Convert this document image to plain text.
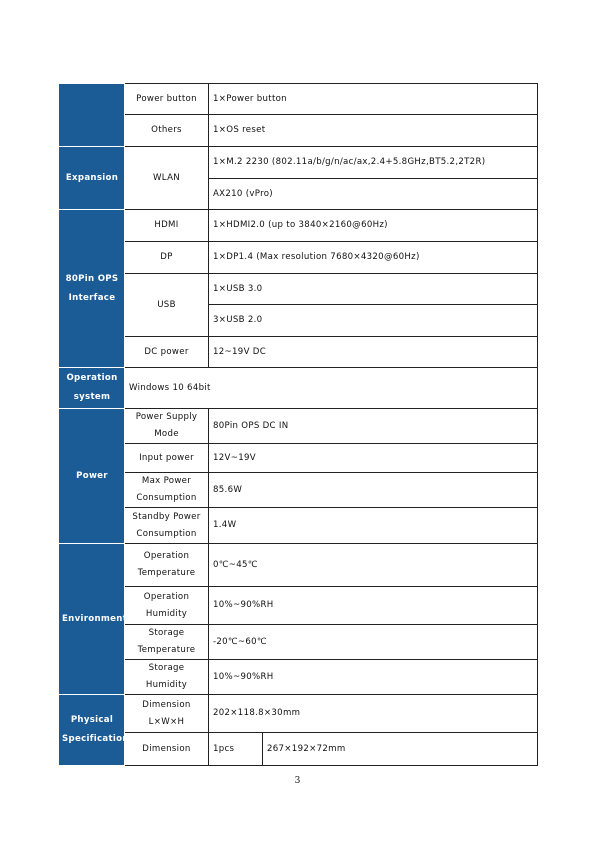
	Power button	1×Power button	
	Others	1×OS reset	
Expansion	WLAN	1×M.2 2230 (802.11a/b/g/n/ac/ax,2.4+5.8GHz,BT5.2,2T2R)	
		AX210 (vPro)	
80Pin OPS Interface	HDMI	1×HDMI2.0 (up to 3840×2160@60Hz)	
	DP	1×DP1.4 (Max resolution 7680×4320@60Hz)	
	USB	1×USB 3.0	
		3×USB 2.0	
	DC power	12~19V DC	
Operation system	Windows 10 64bit		
Power	Power Supply Mode	80Pin OPS DC IN	
	Input power	12V~19V	
	Max Power Consumption	85.6W	
	Standby Power Consumption	1.4W	
Environmental	Operation Temperature	0℃~45℃	
	Operation Humidity	10%~90%RH	
	Storage Temperature	-20℃~60℃	
	Storage Humidity	10%~90%RH	
Physical Specifications	Dimension L×W×H	202×118.8×30mm	
	Dimension	1pcs	267×192×72mm
3
